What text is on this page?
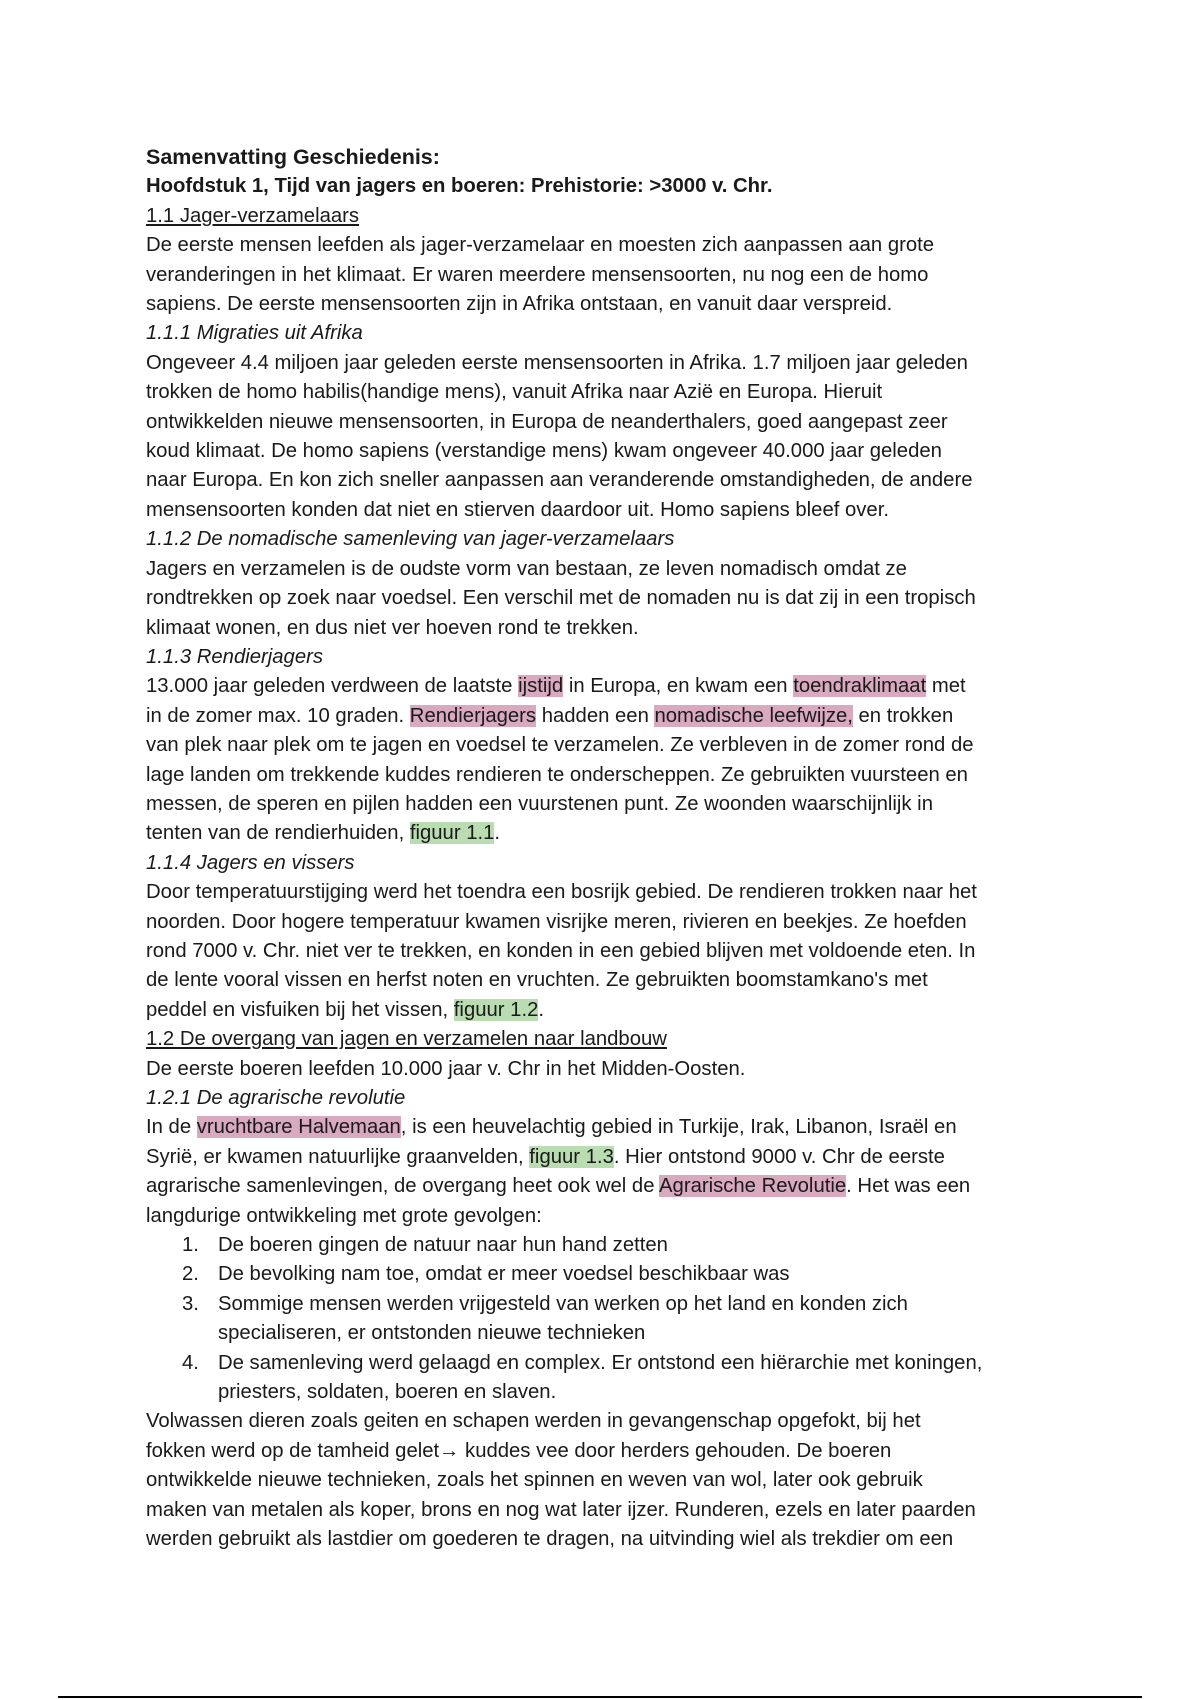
Samenvatting Geschiedenis:
Hoofdstuk 1, Tijd van jagers en boeren: Prehistorie: >3000 v. Chr.
1.1 Jager-verzamelaars
De eerste mensen leefden als jager-verzamelaar en moesten zich aanpassen aan grote
veranderingen in het klimaat. Er waren meerdere mensensoorten, nu nog een de homo
sapiens. De eerste mensensoorten zijn in Afrika ontstaan, en vanuit daar verspreid.
1.1.1 Migraties uit Afrika
Ongeveer 4.4 miljoen jaar geleden eerste mensensoorten in Afrika. 1.7 miljoen jaar geleden
trokken de homo habilis(handige mens), vanuit Afrika naar Azië en Europa. Hieruit
ontwikkelden nieuwe mensensoorten, in Europa de neanderthalers, goed aangepast zeer
koud klimaat. De homo sapiens (verstandige mens) kwam ongeveer 40.000 jaar geleden
naar Europa. En kon zich sneller aanpassen aan veranderende omstandigheden, de andere
mensensoorten konden dat niet en stierven daardoor uit. Homo sapiens bleef over.
1.1.2 De nomadische samenleving van jager-verzamelaars
Jagers en verzamelen is de oudste vorm van bestaan, ze leven nomadisch omdat ze
rondtrekken op zoek naar voedsel. Een verschil met de nomaden nu is dat zij in een tropisch
klimaat wonen, en dus niet ver hoeven rond te trekken.
1.1.3 Rendierjagers
13.000 jaar geleden verdween de laatste ijstijd in Europa, en kwam een toendraklimaat met
in de zomer max. 10 graden. Rendierjagers hadden een nomadische leefwijze, en trokken
van plek naar plek om te jagen en voedsel te verzamelen. Ze verbleven in de zomer rond de
lage landen om trekkende kuddes rendieren te onderscheppen. Ze gebruikten vuursteen en
messen, de speren en pijlen hadden een vuurstenen punt. Ze woonden waarschijnlijk in
tenten van de rendierhuiden, figuur 1.1.
1.1.4 Jagers en vissers
Door temperatuurstijging werd het toendra een bosrijk gebied. De rendieren trokken naar het
noorden. Door hogere temperatuur kwamen visrijke meren, rivieren en beekjes. Ze hoefden
rond 7000 v. Chr. niet ver te trekken, en konden in een gebied blijven met voldoende eten. In
de lente vooral vissen en herfst noten en vruchten. Ze gebruikten boomstamkano's met
peddel en visfuiken bij het vissen, figuur 1.2.
1.2 De overgang van jagen en verzamelen naar landbouw
De eerste boeren leefden 10.000 jaar v. Chr in het Midden-Oosten.
1.2.1 De agrarische revolutie
In de vruchtbare Halvemaan, is een heuvelachtig gebied in Turkije, Irak, Libanon, Israël en
Syrië, er kwamen natuurlijke graanvelden, figuur 1.3. Hier ontstond 9000 v. Chr de eerste
agrarische samenlevingen, de overgang heet ook wel de Agrarische Revolutie. Het was een
langdurige ontwikkeling met grote gevolgen:
1. De boeren gingen de natuur naar hun hand zetten
2. De bevolking nam toe, omdat er meer voedsel beschikbaar was
3. Sommige mensen werden vrijgesteld van werken op het land en konden zich
specialiseren, er ontstonden nieuwe technieken
4. De samenleving werd gelaagd en complex. Er ontstond een hiërarchie met koningen,
priesters, soldaten, boeren en slaven.
Volwassen dieren zoals geiten en schapen werden in gevangenschap opgefokt, bij het
fokken werd op de tamheid gelet→ kuddes vee door herders gehouden. De boeren
ontwikkelde nieuwe technieken, zoals het spinnen en weven van wol, later ook gebruik
maken van metalen als koper, brons en nog wat later ijzer. Runderen, ezels en later paarden
werden gebruikt als lastdier om goederen te dragen, na uitvinding wiel als trekdier om een
